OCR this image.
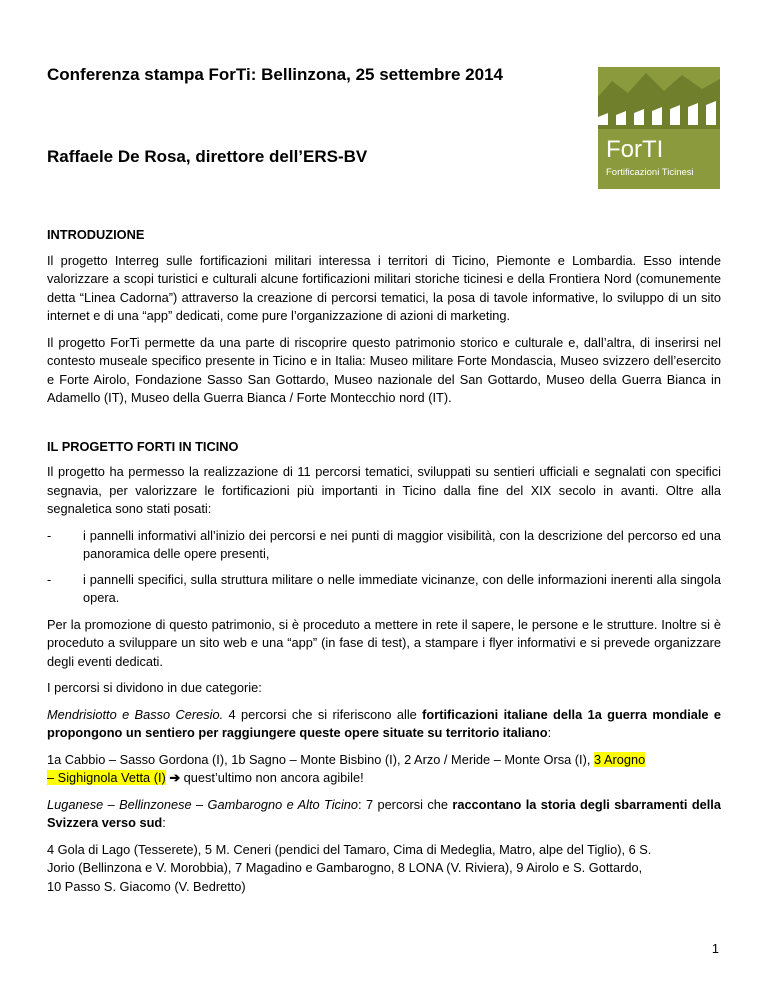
Conferenza stampa ForTi: Bellinzona, 25 settembre 2014
Raffaele De Rosa, direttore dell’ERS-BV	ForTI
Fortificazioni Ticinesi
INTRODUZIONE

Il progetto Interreg sulle fortificazioni militari interessa i territori di Ticino, Piemonte e Lombardia. Esso intende valorizzare a scopi turistici e culturali alcune fortificazioni militari storiche ticinesi e della Frontiera Nord (comunemente detta “Linea Cadorna”) attraverso la creazione di percorsi tematici, la posa di tavole informative, lo sviluppo di un sito internet e di una “app” dedicati, come pure l’organizzazione di azioni di marketing.

Il progetto ForTi permette da una parte di riscoprire questo patrimonio storico e culturale e, dall’altra, di inserirsi nel contesto museale specifico presente in Ticino e in Italia: Museo militare Forte Mondascia, Museo svizzero dell’esercito e Forte Airolo, Fondazione Sasso San Gottardo, Museo nazionale del San Gottardo, Museo della Guerra Bianca in Adamello (IT), Museo della Guerra Bianca / Forte Montecchio nord (IT).

IL PROGETTO FORTI IN TICINO

Il progetto ha permesso la realizzazione di 11 percorsi tematici, sviluppati su sentieri ufficiali e segnalati con specifici segnavia, per valorizzare le fortificazioni più importanti in Ticino dalla fine del XIX secolo in avanti. Oltre alla segnaletica sono stati posati:

- i pannelli informativi all’inizio dei percorsi e nei punti di maggior visibilità, con la descrizione del percorso ed una panoramica delle opere presenti,
- i pannelli specifici, sulla struttura militare o nelle immediate vicinanze, con delle informazioni inerenti alla singola opera.

Per la promozione di questo patrimonio, si è proceduto a mettere in rete il sapere, le persone e le strutture. Inoltre si è proceduto a sviluppare un sito web e una “app” (in fase di test), a stampare i flyer informativi e si prevede organizzare degli eventi dedicati.

I percorsi si dividono in due categorie:

Mendrisiotto e Basso Ceresio. 4 percorsi che si riferiscono alle fortificazioni italiane della 1a guerra mondiale e propongono un sentiero per raggiungere queste opere situate su territorio italiano:

1a Cabbio – Sasso Gordona (I), 1b Sagno – Monte Bisbino (I), 2 Arzo / Meride – Monte Orsa (I), 3 Arogno
– Sighignola Vetta (I) ➔ quest’ultimo non ancora agibile!

Luganese – Bellinzonese – Gambarogno e Alto Ticino: 7 percorsi che raccontano la storia degli sbarramenti della Svizzera verso sud:

4 Gola di Lago (Tesserete), 5 M. Ceneri (pendici del Tamaro, Cima di Medeglia, Matro, alpe del Tiglio), 6 S.
Jorio (Bellinzona e V. Morobbia), 7 Magadino e Gambarogno, 8 LONA (V. Riviera), 9 Airolo e S. Gottardo,
10 Passo S. Giacomo (V. Bedretto)

1
